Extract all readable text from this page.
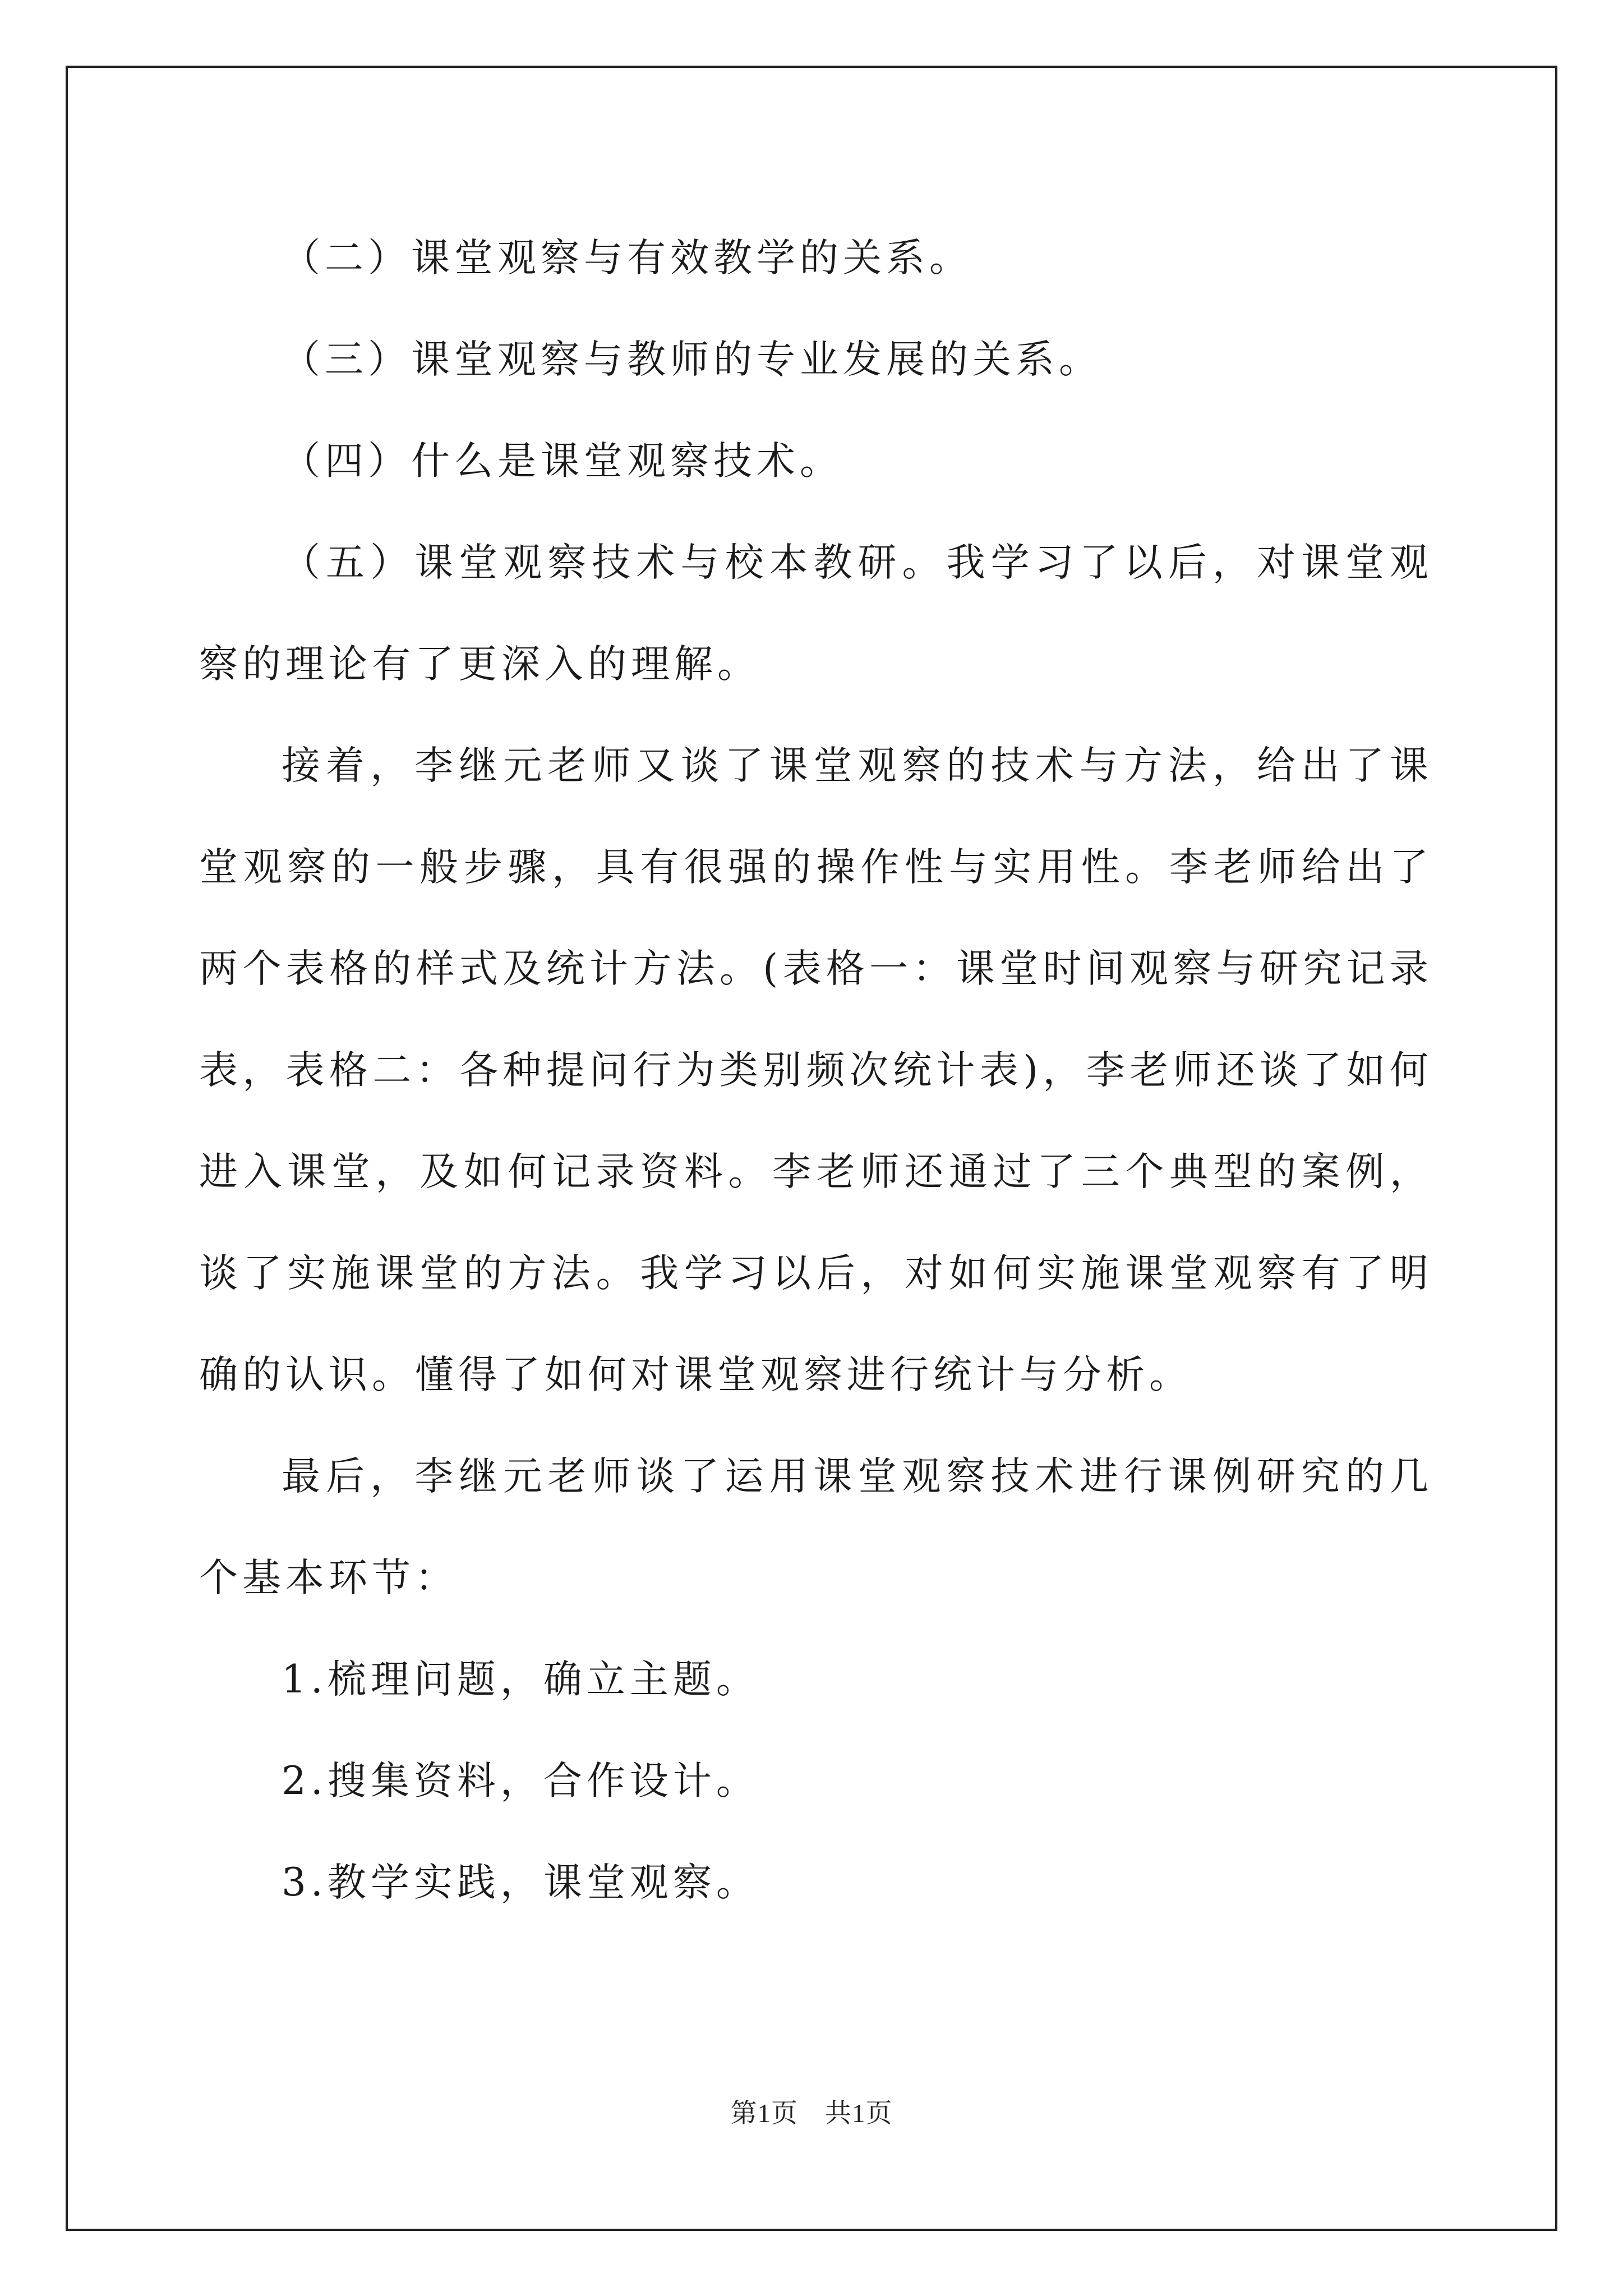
（二）课堂观察与有效教学的关系。

（三）课堂观察与教师的专业发展的关系。

（四）什么是课堂观察技术。

（五）课堂观察技术与校本教研。我学习了以后，对课堂观察的理论有了更深入的理解。

接着，李继元老师又谈了课堂观察的技术与方法，给出了课堂观察的一般步骤，具有很强的操作性与实用性。李老师给出了两个表格的样式及统计方法。(表格一：课堂时间观察与研究记录表，表格二：各种提问行为类别频次统计表)，李老师还谈了如何进入课堂，及如何记录资料。李老师还通过了三个典型的案例，谈了实施课堂的方法。我学习以后，对如何实施课堂观察有了明确的认识。懂得了如何对课堂观察进行统计与分析。

最后，李继元老师谈了运用课堂观察技术进行课例研究的几个基本环节：

1.梳理问题，确立主题。

2.搜集资料，合作设计。

3.教学实践，课堂观察。

第1页　共1页
